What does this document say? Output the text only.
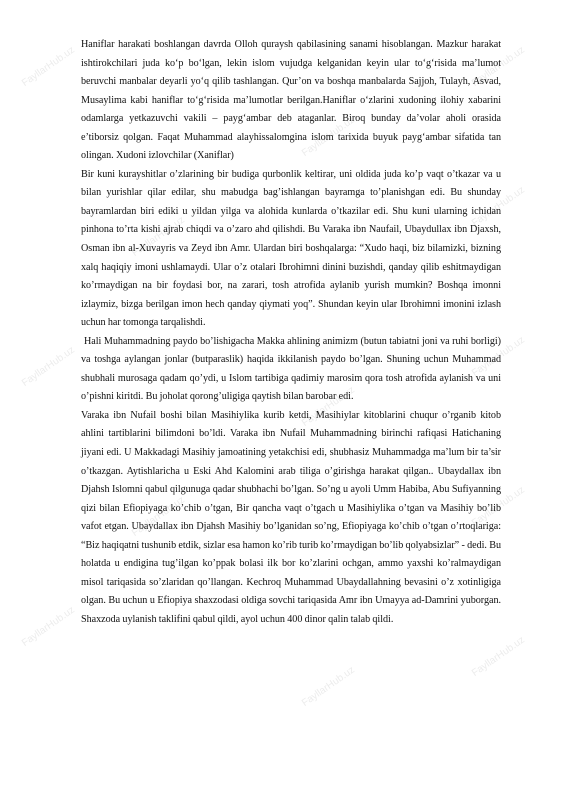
FayllarHub.uz
FayllarHub.uz
FayllarHub.uz
FayllarHub.uz
FayllarHub.uz
FayllarHub.uz
FayllarHub.uz
FayllarHub.uz
FayllarHub.uz
FayllarHub.uz
FayllarHub.uz
FayllarHub.uz
FayllarHub.uz

Haniflar harakati boshlangan davrda Olloh quraysh qabilasining sanami hisoblangan. Mazkur harakat ishtirokchilari juda ko‘p bo‘lgan, lekin islom vujudga kelganidan keyin ular to‘g‘risida ma’lumot beruvchi manbalar deyarli yo‘q qilib tashlangan. Qur’on va boshqa manbalarda Sajjoh, Tulayh, Asvad, Musaylima kabi haniflar to‘g‘risida ma’lumotlar berilgan.Haniflar o‘zlarini xudoning ilohiy xabarini odamlarga yetkazuvchi vakili – payg‘ambar deb ataganlar. Biroq bunday da’volar aholi orasida e’tiborsiz qolgan. Faqat Muhammad alayhissalomgina islom tarixida buyuk payg‘ambar sifatida tan olingan. Xudoni izlovchilar (Xaniflar)

Bir kuni kurayshitlar o’zlarining bir budiga qurbonlik keltirar, uni oldida juda ko’p vaqt o’tkazar va u bilan yurishlar qilar edilar, shu mabudga bag’ishlangan bayramga to’planishgan edi. Bu shunday bayramlardan biri ediki u yildan yilga va alohida kunlarda o’tkazilar edi. Shu kuni ularning ichidan pinhona to’rta kishi ajrab chiqdi va o’zaro ahd qilishdi. Bu Varaka ibn Naufail, Ubaydullax ibn Djaxsh, Osman ibn al-Xuvayris va Zeyd ibn Amr. Ulardan biri boshqalarga: “Xudo haqi, biz bilamizki, bizning xalq haqiqiy imoni ushlamaydi. Ular o’z otalari Ibrohimni dinini buzishdi, qanday qilib eshitmaydigan ko’rmaydigan na bir foydasi bor, na zarari, tosh atrofida aylanib yurish mumkin? Boshqa imonni izlaymiz, bizga berilgan imon hech qanday qiymati yoq”. Shundan keyin ular Ibrohimni imonini izlash uchun har tomonga tarqalishdi.

Hali Muhammadning paydo bo’lishigacha Makka ahlining animizm (butun tabiatni joni va ruhi borligi) va toshga aylangan jonlar (butparaslik) haqida ikkilanish paydo bo’lgan. Shuning uchun Muhammad shubhali murosaga qadam qo’ydi, u Islom tartibiga qadimiy marosim qora tosh atrofida aylanish va uni o’pishni kiritdi. Bu joholat qorong’uligiga qaytish bilan barobar edi.

Varaka ibn Nufail boshi bilan Masihiylika kurib ketdi, Masihiylar kitoblarini chuqur o’rganib kitob ahlini tartiblarini bilimdoni bo’ldi. Varaka ibn Nufail Muhammadning birinchi rafiqasi Hatichaning jiyani edi. U Makkadagi Masihiy jamoatining yetakchisi edi, shubhasiz Muhammadga ma’lum bir ta’sir o’tkazgan. Aytishlaricha u Eski Ahd Kalomini arab tiliga o’girishga harakat qilgan.. Ubaydallax ibn Djahsh Islomni qabul qilgunuga qadar shubhachi bo’lgan. So’ng u ayoli Umm Habiba, Abu Sufiyanning qizi bilan Efiopiyaga ko’chib o’tgan, Bir qancha vaqt o’tgach u Masihiylika o’tgan va Masihiy bo’lib vafot etgan. Ubaydallax ibn Djahsh Masihiy bo’lganidan so’ng, Efiopiyaga ko’chib o’tgan o’rtoqlariga: “Biz haqiqatni tushunib etdik, sizlar esa hamon ko’rib turib ko’rmaydigan bo’lib qolyabsizlar” - dedi. Bu holatda u endigina tug’ilgan ko’ppak bolasi ilk bor ko’zlarini ochgan, ammo yaxshi ko’ralmaydigan misol tariqasida so’zlaridan qo’llangan. Kechroq Muhammad Ubaydallahning bevasini o’z xotinligiga olgan. Bu uchun u Efiopiya shaxzodasi oldiga sovchi tariqasida Amr ibn Umayya ad-Damrini yuborgan. Shaxzoda uylanish taklifini qabul qildi, ayol uchun 400 dinor qalin talab qildi.
